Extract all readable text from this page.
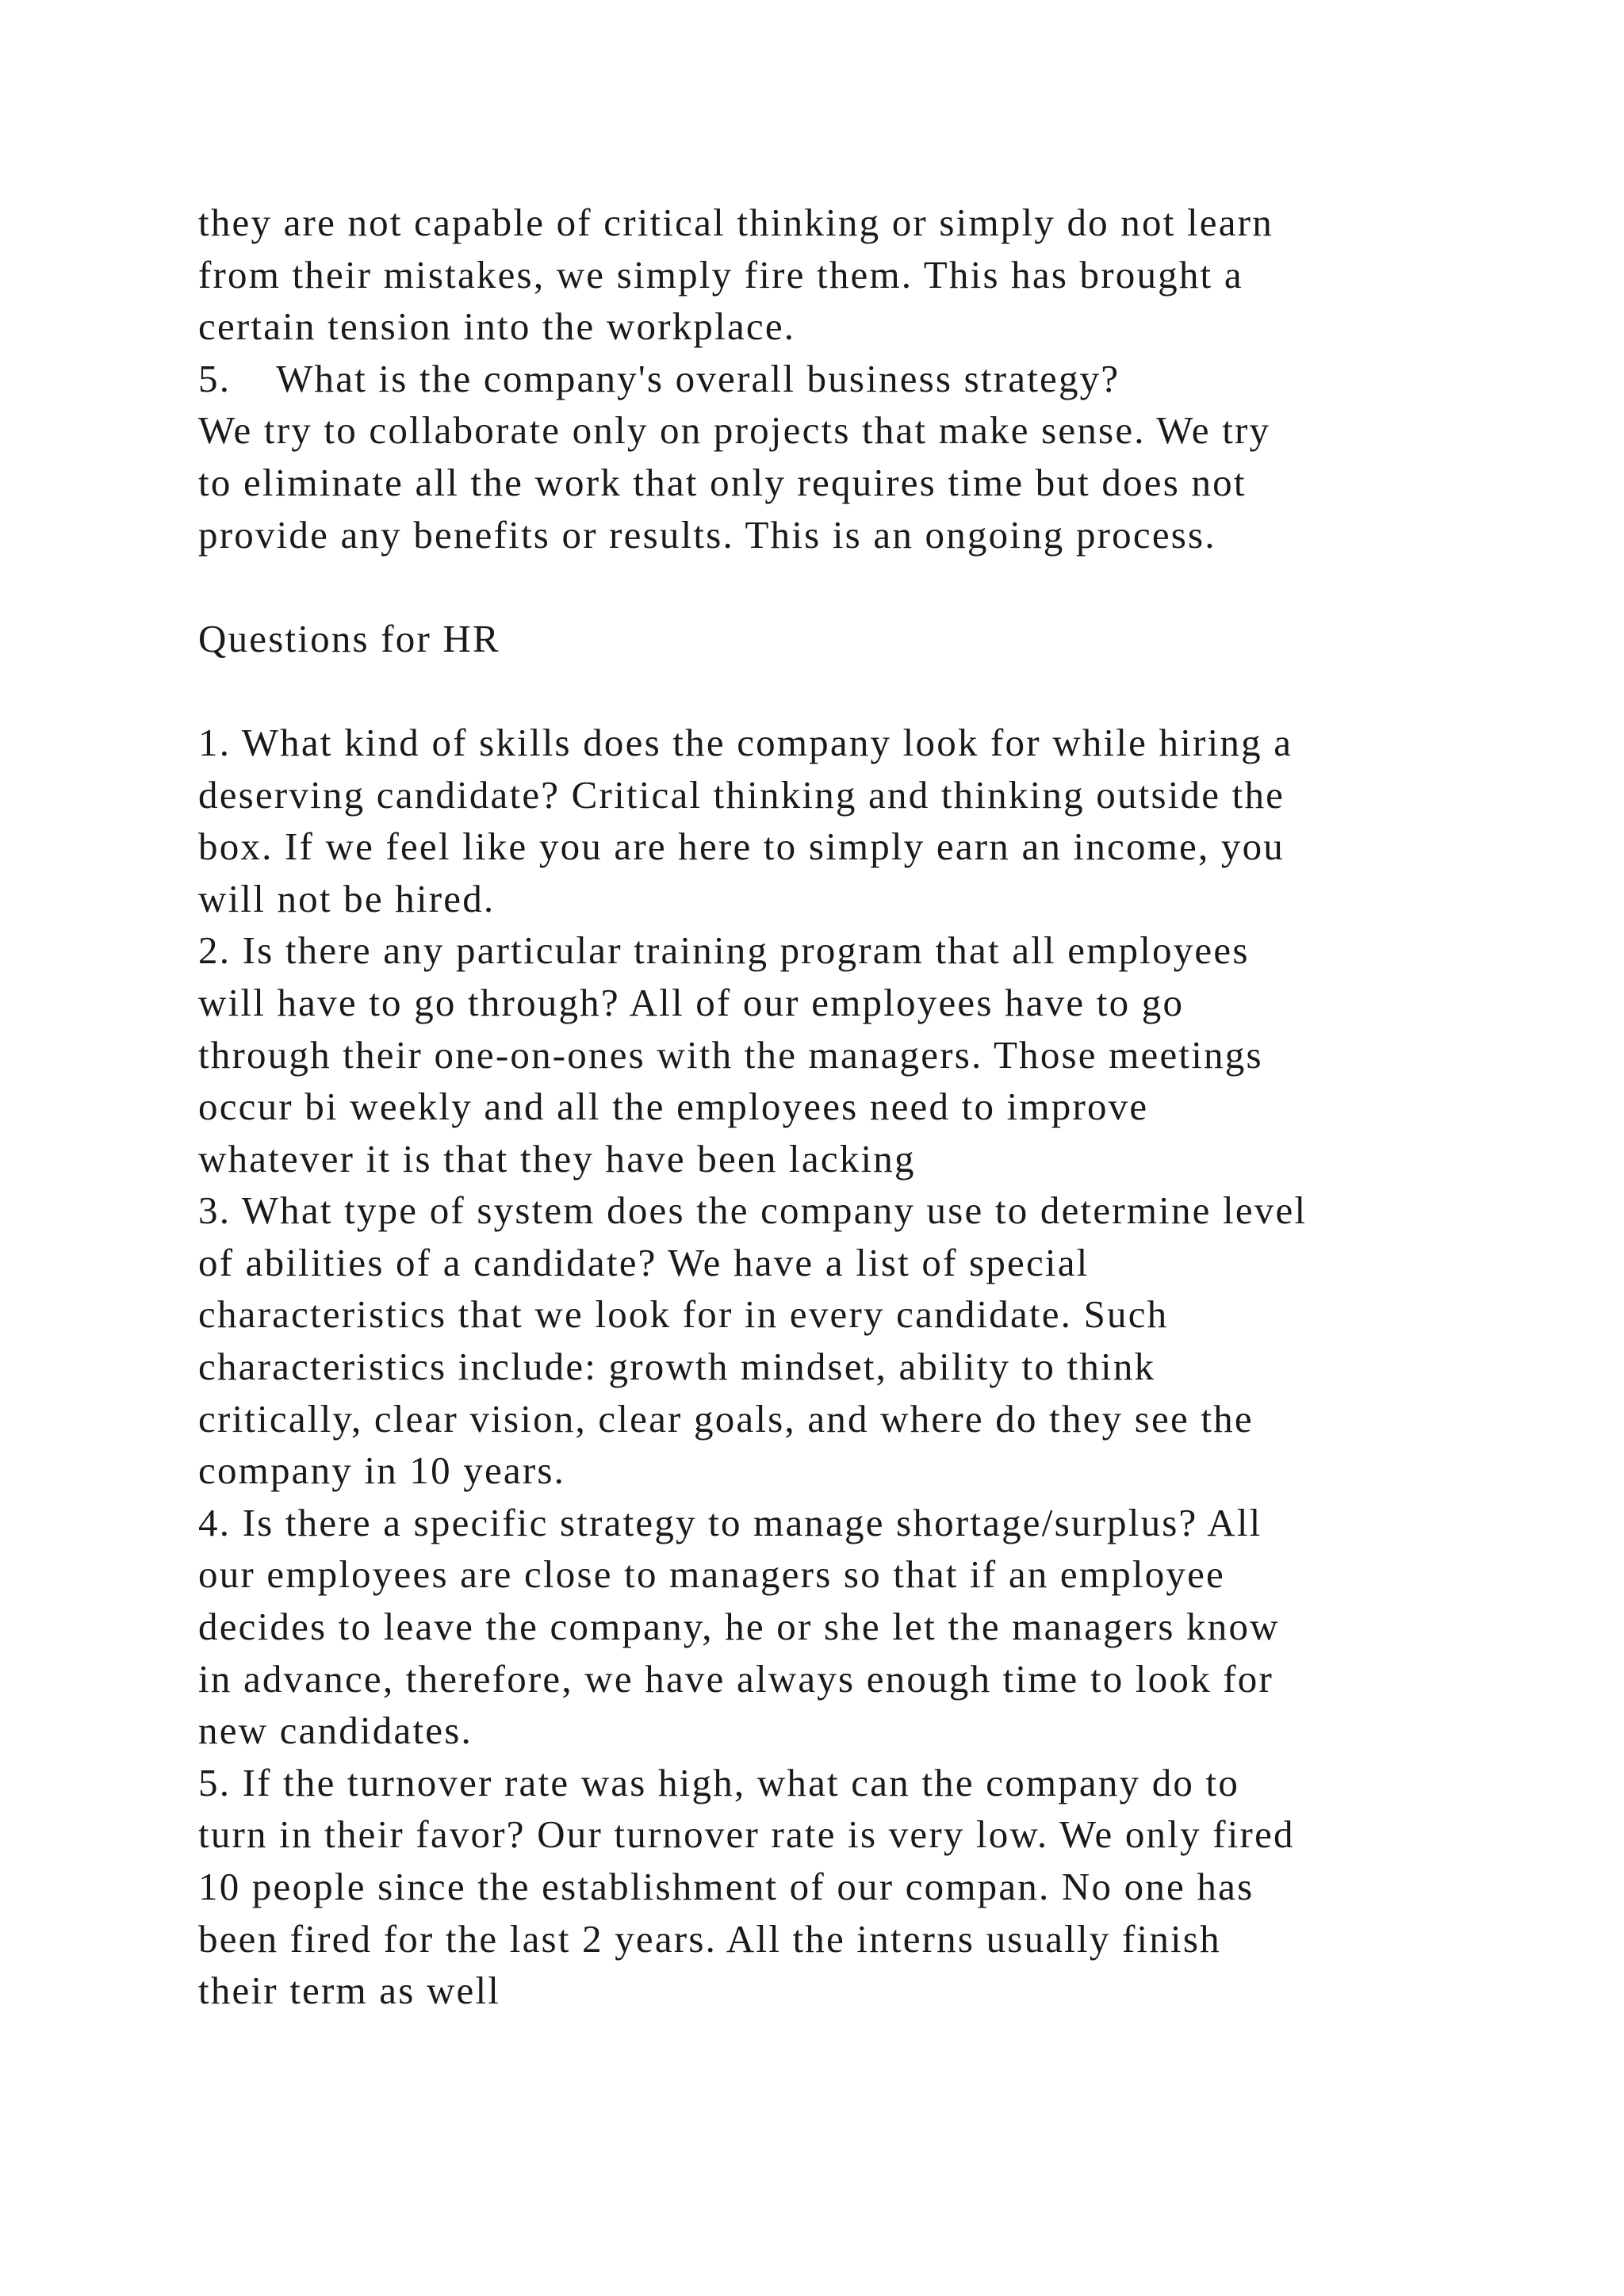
they are not capable of critical thinking or simply do not learn
from their mistakes, we simply fire them. This has brought a
certain tension into the workplace.
5.    What is the company's overall business strategy?
We try to collaborate only on projects that make sense. We try
to eliminate all the work that only requires time but does not
provide any benefits or results. This is an ongoing process.
Questions for HR
1. What kind of skills does the company look for while hiring a
deserving candidate? Critical thinking and thinking outside the
box. If we feel like you are here to simply earn an income, you
will not be hired.
2. Is there any particular training program that all employees
will have to go through? All of our employees have to go
through their one-on-ones with the managers. Those meetings
occur bi weekly and all the employees need to improve
whatever it is that they have been lacking
3. What type of system does the company use to determine level
of abilities of a candidate? We have a list of special
characteristics that we look for in every candidate. Such
characteristics include: growth mindset, ability to think
critically, clear vision, clear goals, and where do they see the
company in 10 years.
4. Is there a specific strategy to manage shortage/surplus? All
our employees are close to managers so that if an employee
decides to leave the company, he or she let the managers know
in advance, therefore, we have always enough time to look for
new candidates.
5. If the turnover rate was high, what can the company do to
turn in their favor? Our turnover rate is very low. We only fired
10 people since the establishment of our compan. No one has
been fired for the last 2 years. All the interns usually finish
their term as well
